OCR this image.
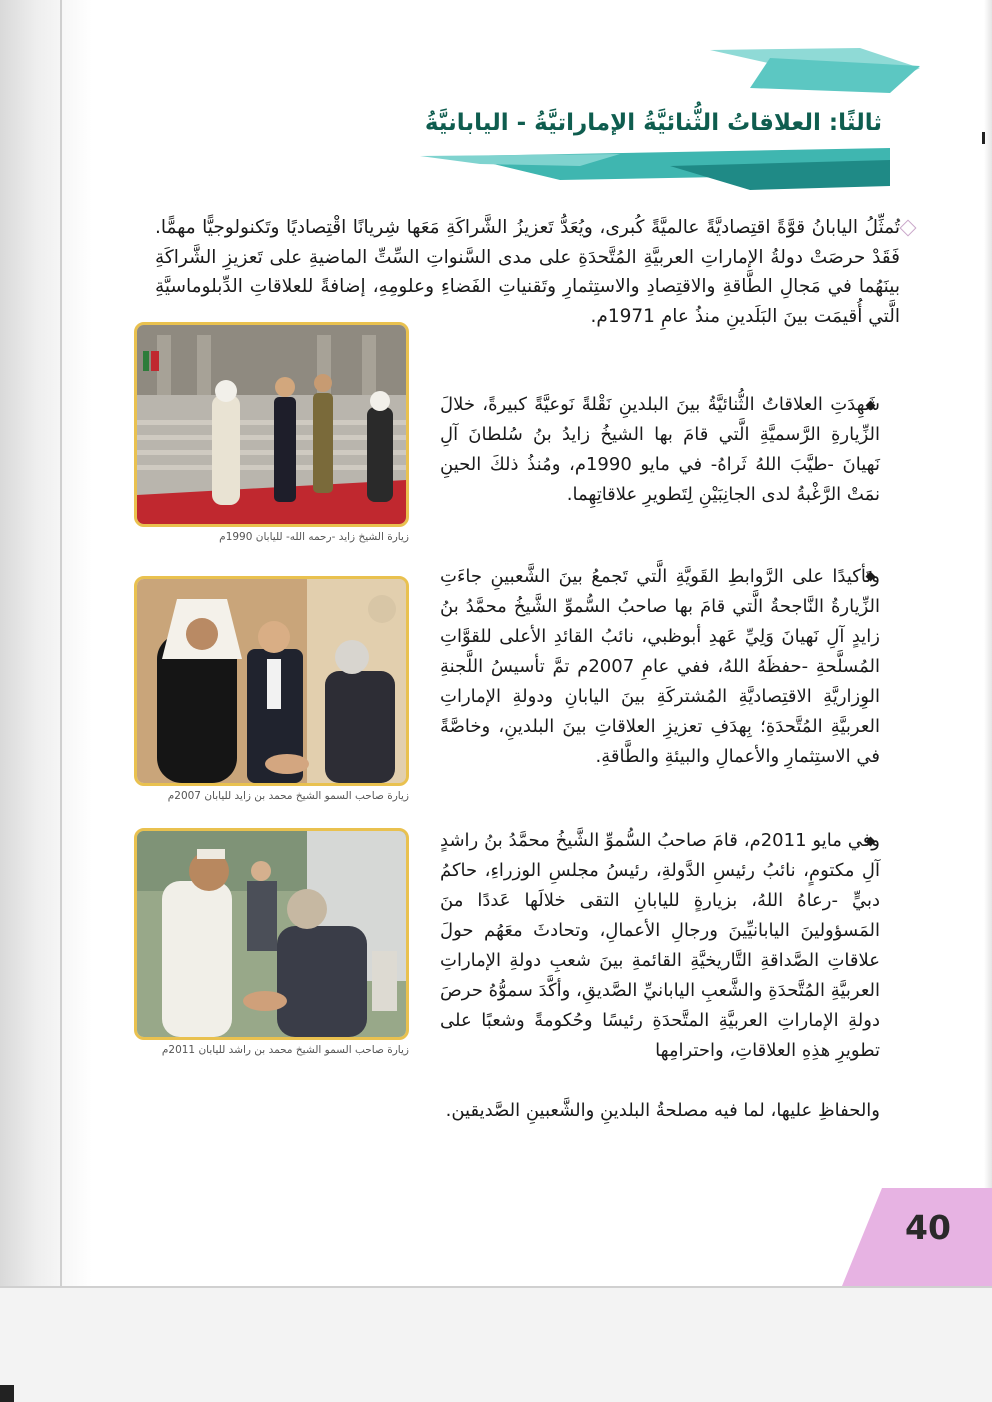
ثالثًا: العلاقاتُ الثُّنائيَّةُ الإماراتيَّةُ - اليابانيَّةُ

تُمثِّلُ اليابانُ قوَّةً اقتِصاديَّةً عالميَّةً كُبرى، ويُعَدُّ تَعزيزُ الشَّراكَةِ مَعَها شِريانًا اقْتِصاديًا وتَكنولوجيًّا مهمًّا. فَقَدْ حرصَتْ دولةُ الإماراتِ العربيَّةِ المُتَّحدَةِ على مدى السَّنواتِ السِّتِّ الماضيةِ على تَعزيزِ الشَّراكَةِ بينَهُما في مَجالِ الطَّاقةِ والاقتِصادِ والاستِثمارِ وتَقنياتِ الفَضاءِ وعلومِهِ، إضافةً للعلاقاتِ الدِّبلوماسيَّةِ الَّتي أُقيمَت بينَ البَلَدينِ منذُ عامِ 1971م.

شَهِدَتِ العلاقاتُ الثُّنائيَّةُ بينَ البلدينِ نَقْلةً نَوعيَّةً كبيرةً، خلالَ الزِّيارةِ الرَّسميَّةِ الَّتي قامَ بها الشيخُ زايدُ بنُ سُلطانَ آلِ نَهيانَ -طيَّبَ اللهُ ثَراهُ- في مايو 1990م، ومُنذُ ذلكَ الحينِ نمَتْ الرَّغْبةُ لدى الجانِبَيْنِ لِتَطويرِ علاقاتِهِما.

وتَأكيدًا على الرَّوابطِ القَويَّةِ الَّتي تَجمعُ بينَ الشَّعبينِ جاءَتِ الزِّيارةُ النَّاجحةُ الَّتي قامَ بها صاحبُ السُّموِّ الشَّيخُ محمَّدُ بنُ زايدٍ آلِ نَهيانَ وَلِيِّ عَهدِ أبوظبي، نائبُ القائدِ الأعلى للقوَّاتِ المُسلَّحةِ -حفظَهُ اللهُ، ففي عامِ 2007م تمَّ تأسيسُ اللَّجنةِ الوِزاريَّةِ الاقتِصاديَّةِ المُشتركَةِ بينَ اليابانِ ودولةِ الإماراتِ العربيَّةِ المُتَّحدَةِ؛ بِهدَفِ تعزيزِ العلاقاتِ بينَ البلدينِ، وخاصَّةً في الاستِثمارِ والأعمالِ والبيئةِ والطَّاقةِ.

وفي مايو 2011م، قامَ صاحبُ السُّموِّ الشَّيخُ محمَّدُ بنُ راشدٍ آلِ مكتومٍ، نائبُ رئيسِ الدَّولةِ، رئيسُ مجلسِ الوزراءِ، حاكمُ دبيٍّ -رعاهُ اللهُ، بزيارةٍ لليابانِ التقى خلالَها عَددًا منَ المَسؤولينَ اليابانيِّينَ ورجالِ الأعمالِ، وتحادثَ معَهُم حولَ علاقاتِ الصَّداقةِ التَّاريخيَّةِ القائمةِ بينَ شعبِ دولةِ الإماراتِ العربيَّةِ المُتَّحدَةِ والشَّعبِ اليابانيِّ الصَّديقِ، وأكَّدَ سموُّهُ حرصَ دولةِ الإماراتِ العربيَّةِ المتَّحدَةِ رئيسًا وحُكومةً وشعبًا على تطويرِ هذِهِ العلاقاتِ، واحترامِها

والحفاظِ عليها، لما فيه مصلحةُ البلدينِ والشَّعبينِ الصَّديقين.

زيارة الشيخ زايد -رحمه الله- لليابان 1990م

زيارة صاحب السمو الشيخ محمد بن زايد لليابان 2007م

زيارة صاحب السمو الشيخ محمد بن راشد لليابان 2011م

40
